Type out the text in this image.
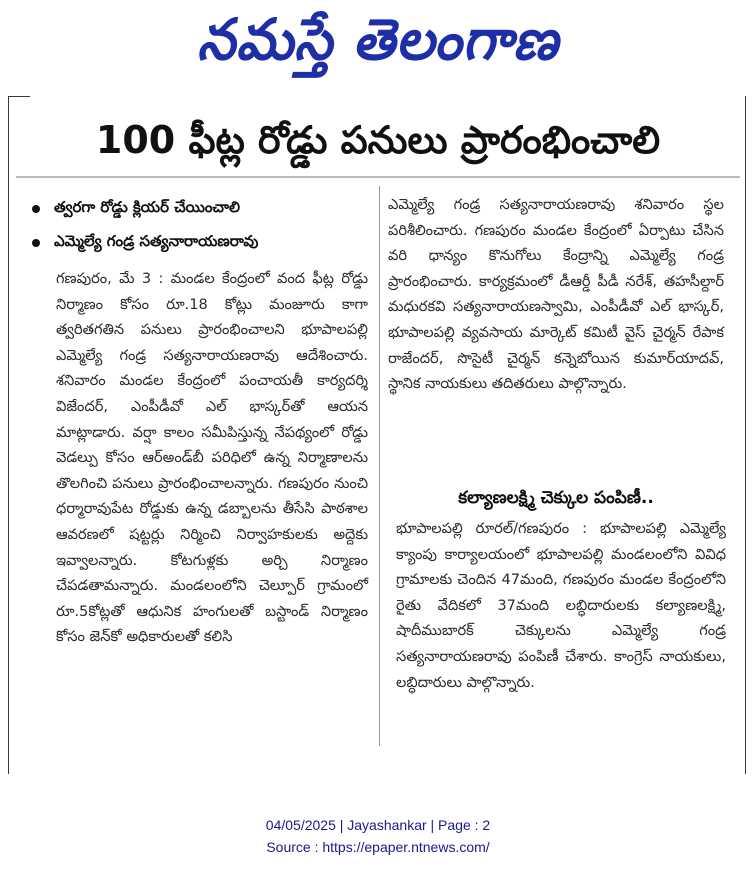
నమస్తే తెలంగాణ
100 ఫీట్ల రోడ్డు పనులు ప్రారంభించాలి
త్వరగా రోడ్డు క్లియర్ చేయించాలి
ఎమ్మెల్యే గండ్ర సత్యనారాయణరావు
గణపురం, మే 3 : మండల కేంద్రంలో వంద ఫీట్ల రోడ్డు నిర్మాణం కోసం రూ.18 కోట్లు మంజూరు కాగా త్వరితగతిన పనులు ప్రారంభించాలని భూపాలపల్లి ఎమ్మెల్యే గండ్ర సత్యనారాయణరావు ఆదేశించారు. శనివారం మండల కేంద్రంలో పంచాయతీ కార్యదర్శి విజేందర్, ఎంపీడీవో ఎల్ భాస్కర్‌తో ఆయన మాట్లాడారు. వర్షా కాలం సమీపిస్తున్న నేపథ్యంలో రోడ్డు వెడల్పు కోసం ఆర్అండ్‌బీ పరిధిలో ఉన్న నిర్మాణాలను తొలగించి పనులు ప్రారంభించాలన్నారు. గణపురం నుంచి ధర్మారావుపేట రోడ్డుకు ఉన్న డబ్బాలను తీసేసి పాఠశాల ఆవరణలో షట్టర్లు నిర్మించి నిర్వాహకులకు అద్దెకు ఇవ్వాలన్నారు. కోటగుళ్లకు అర్చి నిర్మాణం చేపడతామన్నారు. మండలంలోని చెల్పూర్ గ్రామంలో రూ.5కోట్లతో ఆధునిక హంగులతో బస్టాండ్ నిర్మాణం కోసం జెన్‌కో అధికారులతో కలిసి
ఎమ్మెల్యే గండ్ర సత్యనారాయణరావు శనివారం స్థల పరిశీలించారు. గణపురం మండల కేంద్రంలో ఏర్పాటు చేసిన వరి ధాన్యం కొనుగోలు కేంద్రాన్ని ఎమ్మెల్యే గండ్ర ప్రారంభించారు. కార్యక్రమంలో డీఆర్డీ పీడీ నరేశ్, తహసీల్దార్ మధురకవి సత్యనారాయణస్వామి, ఎంపీడీవో ఎల్ భాస్కర్, భూపాలపల్లి వ్యవసాయ మార్కెట్ కమిటీ వైస్ చైర్మన్ రేపాక రాజేందర్, సొసైటీ చైర్మన్ కన్నెబోయిన కుమార్‌యాదవ్, స్థానిక నాయకులు తదితరులు పాల్గొన్నారు.
కల్యాణలక్ష్మి చెక్కుల పంపిణీ..
భూపాలపల్లి రూరల్/గణపురం : భూపాలపల్లి ఎమ్మెల్యే క్యాంపు కార్యాలయంలో భూపాలపల్లి మండలంలోని వివిధ గ్రామాలకు చెందిన 47మంది, గణపురం మండల కేంద్రంలోని రైతు వేదికలో 37మంది లబ్ధిదారులకు కల్యాణలక్ష్మి, షాదీముబారక్ చెక్కులను ఎమ్మెల్యే గండ్ర సత్యనారాయణరావు పంపిణీ చేశారు. కాంగ్రెస్ నాయకులు, లబ్ధిదారులు పాల్గొన్నారు.
04/05/2025 | Jayashankar | Page : 2
Source : https://epaper.ntnews.com/
